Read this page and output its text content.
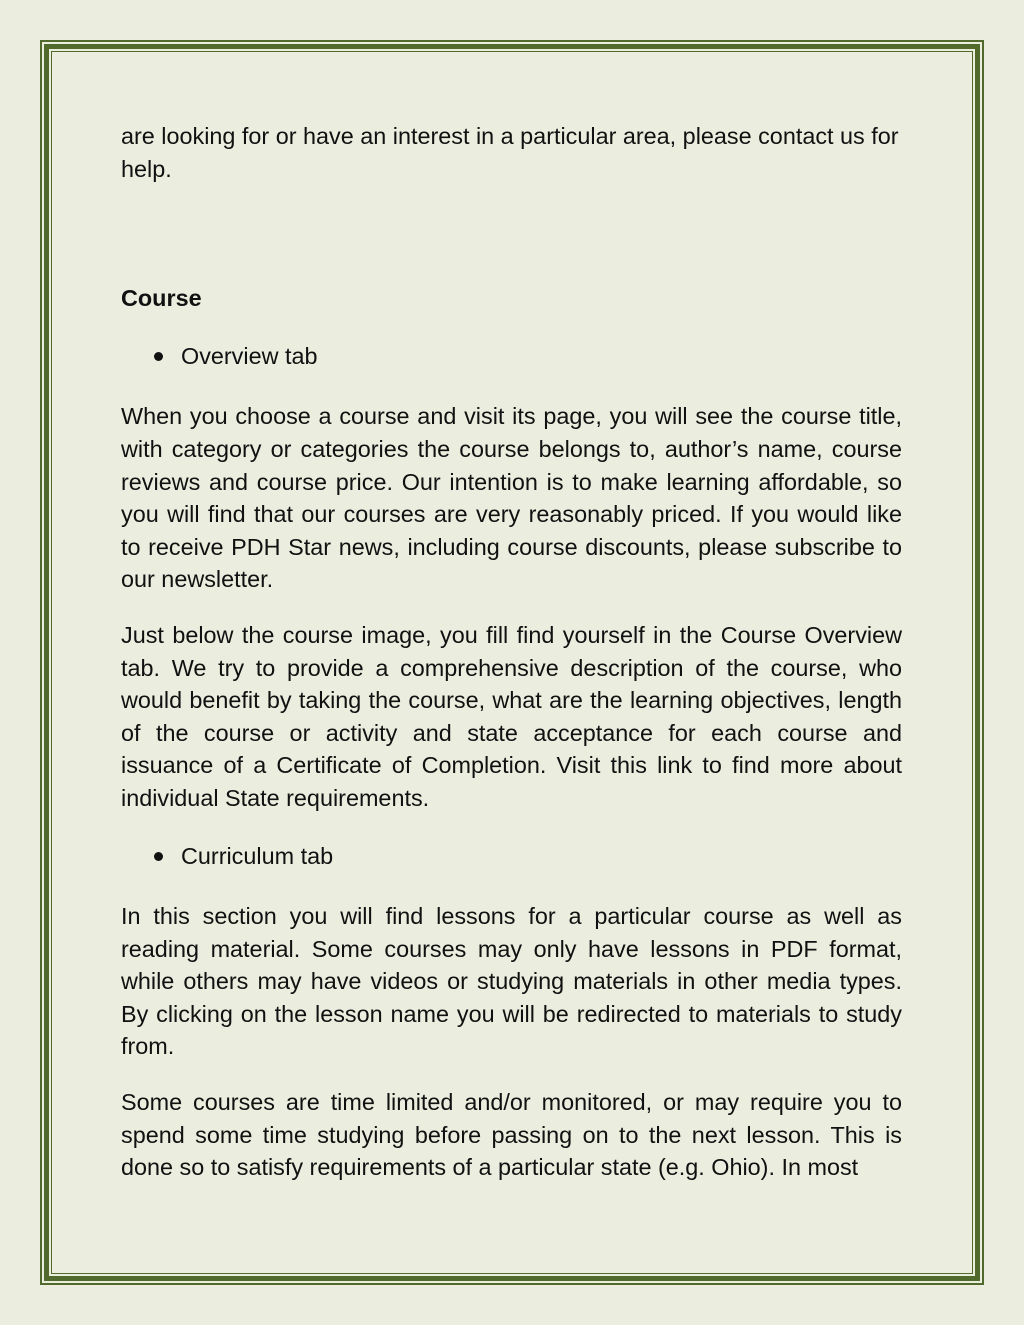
are looking for or have an interest in a particular area, please contact us for help.

Course

Overview tab

When you choose a course and visit its page, you will see the course title, with category or categories the course belongs to, author’s name, course reviews and course price. Our intention is to make learning affordable, so you will find that our courses are very reasonably priced. If you would like to receive PDH Star news, including course discounts, please subscribe to our newsletter.

Just below the course image, you fill find yourself in the Course Overview tab. We try to provide a comprehensive description of the course, who would benefit by taking the course, what are the learning objectives, length of the course or activity and state acceptance for each course and issuance of a Certificate of Completion. Visit this link to find more about individual State requirements.

Curriculum tab

In this section you will find lessons for a particular course as well as reading material. Some courses may only have lessons in PDF format, while others may have videos or studying materials in other media types. By clicking on the lesson name you will be redirected to materials to study from.

Some courses are time limited and/or monitored, or may require you to spend some time studying before passing on to the next lesson. This is done so to satisfy requirements of a particular state (e.g. Ohio). In most
